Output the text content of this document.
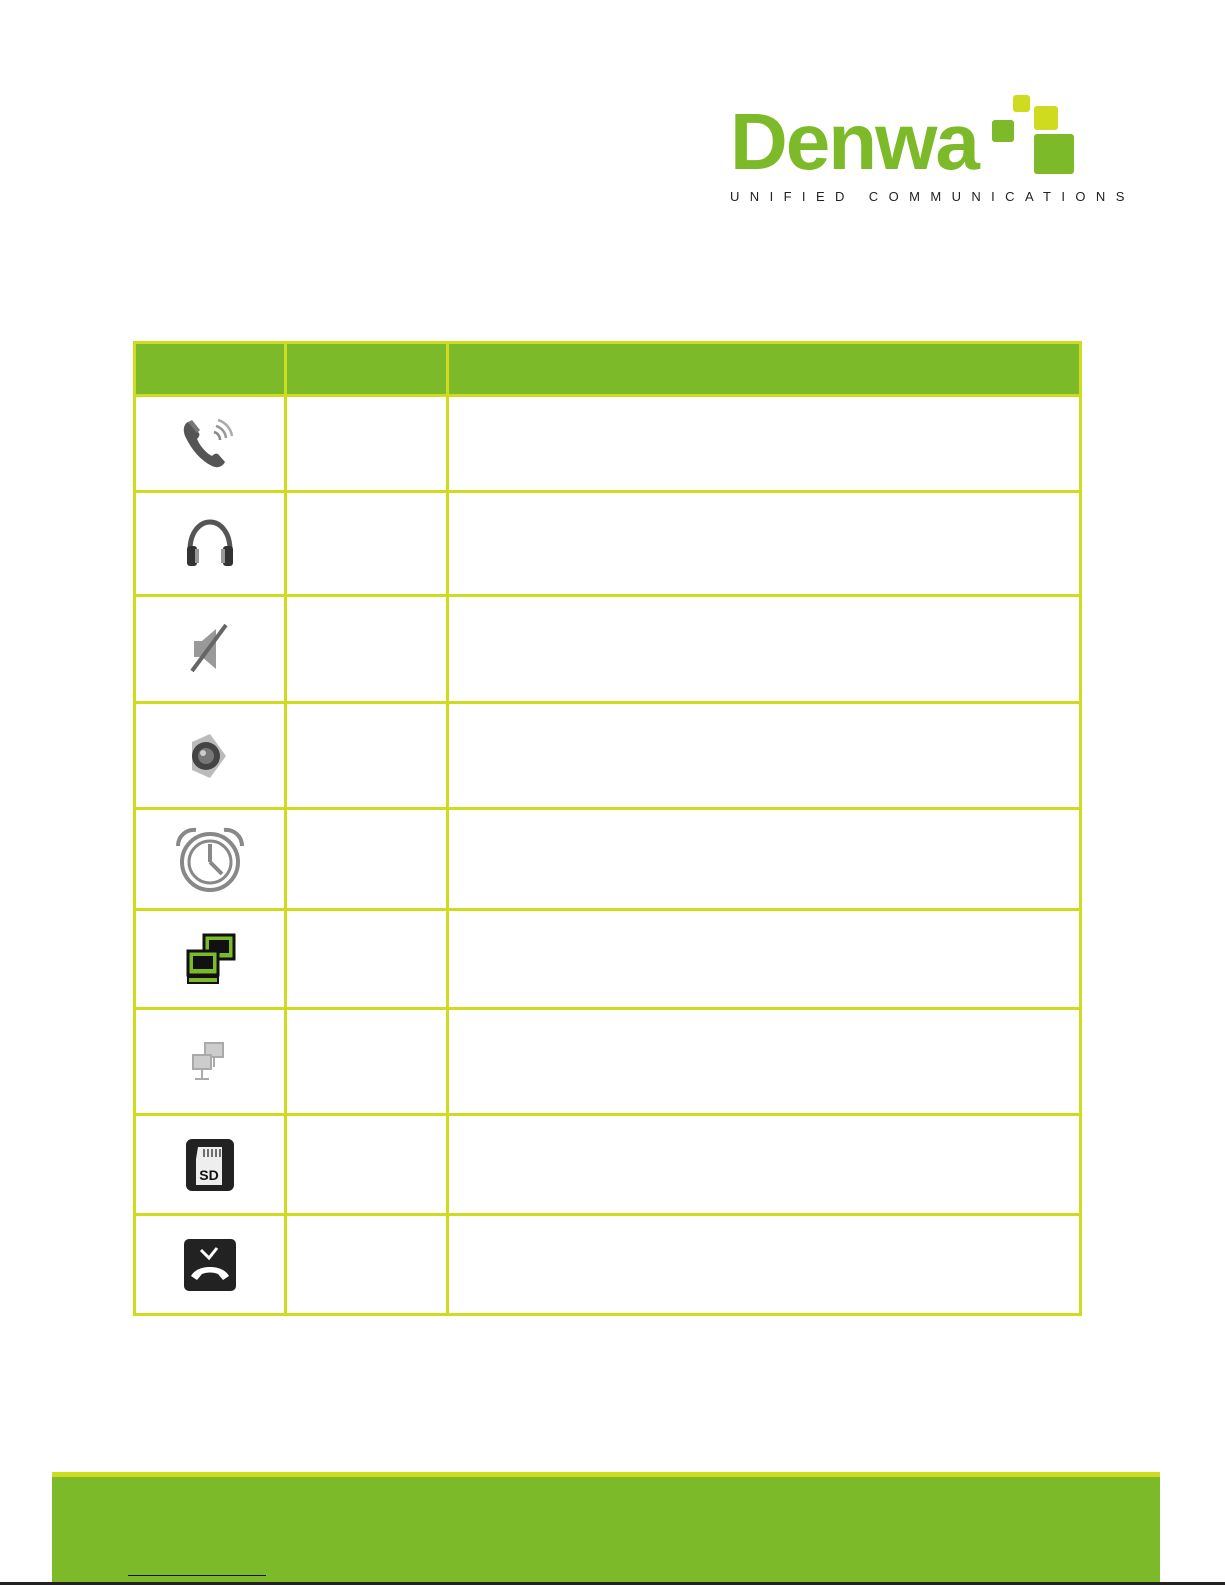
Denwa
UNIFIED COMMUNICATIONS

SD		
